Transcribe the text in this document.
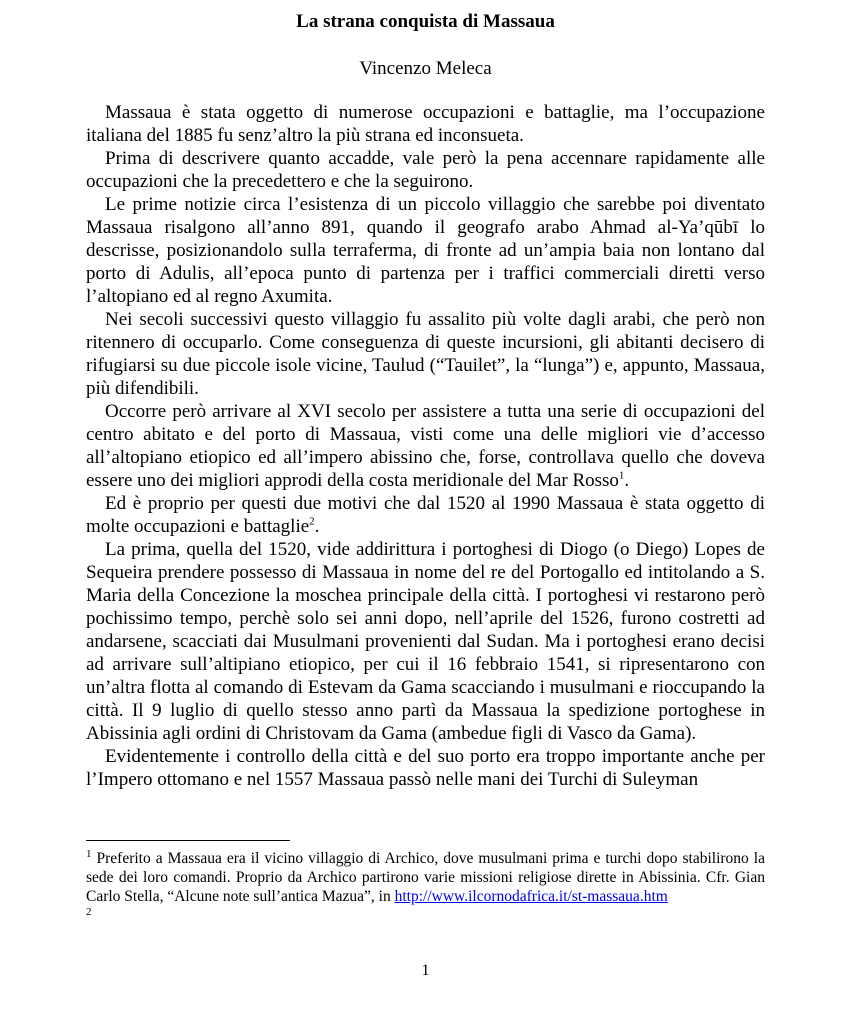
La strana conquista di Massaua
Vincenzo Meleca

Massaua è stata oggetto di numerose occupazioni e battaglie, ma l’occupazione italiana del 1885 fu senz’altro la più strana ed inconsueta.

Prima di descrivere quanto accadde, vale però la pena accennare rapidamente alle occupazioni che la precedettero e che la seguirono.

Le prime notizie circa l’esistenza di un piccolo villaggio che sarebbe poi diventato Massaua risalgono all’anno 891, quando il geografo arabo Ahmad al-Ya’qūbī lo descrisse, posizionandolo sulla terraferma, di fronte ad un’ampia baia non lontano dal porto di Adulis, all’epoca punto di partenza per i traffici commerciali diretti verso l’altopiano ed al regno Axumita.

Nei secoli successivi questo villaggio fu assalito più volte dagli arabi, che però non ritennero di occuparlo. Come conseguenza di queste incursioni, gli abitanti decisero di rifugiarsi su due piccole isole vicine, Taulud (“Tauilet”, la “lunga”) e, appunto, Massaua, più difendibili.

Occorre però arrivare al XVI secolo per assistere a tutta una serie di occupazioni del centro abitato e del porto di Massaua, visti come una delle migliori vie d’accesso all’altopiano etiopico ed all’impero abissino che, forse, controllava quello che doveva essere uno dei migliori approdi della costa meridionale del Mar Rosso$^1$.

Ed è proprio per questi due motivi che dal 1520 al 1990 Massaua è stata oggetto di molte occupazioni e battaglie$^2$.

La prima, quella del 1520, vide addirittura i portoghesi di Diogo (o Diego) Lopes de Sequeira prendere possesso di Massaua in nome del re del Portogallo ed intitolando a S. Maria della Concezione la moschea principale della città. I portoghesi vi restarono però pochissimo tempo, perchè solo sei anni dopo, nell’aprile del 1526, furono costretti ad andarsene, scacciati dai Musulmani provenienti dal Sudan. Ma i portoghesi erano decisi ad arrivare sull’altipiano etiopico, per cui il 16 febbraio 1541, si ripresentarono con un’altra flotta al comando di Estevam da Gama scacciando i musulmani e rioccupando la città. Il 9 luglio di quello stesso anno partì da Massaua la spedizione portoghese in Abissinia agli ordini di Christovam da Gama (ambedue figli di Vasco da Gama).

Evidentemente i controllo della città e del suo porto era troppo importante anche per l’Impero ottomano e nel 1557 Massaua passò nelle mani dei Turchi di Suleyman

$^1$ Preferito a Massaua era il vicino villaggio di Archico, dove musulmani prima e turchi dopo stabilirono la sede dei loro comandi. Proprio da Archico partirono varie missioni religiose dirette in Abissinia. Cfr. Gian Carlo Stella, “Alcune note sull’antica Mazua”, in http://www.ilcornodafrica.it/st-massaua.htm

2
1
